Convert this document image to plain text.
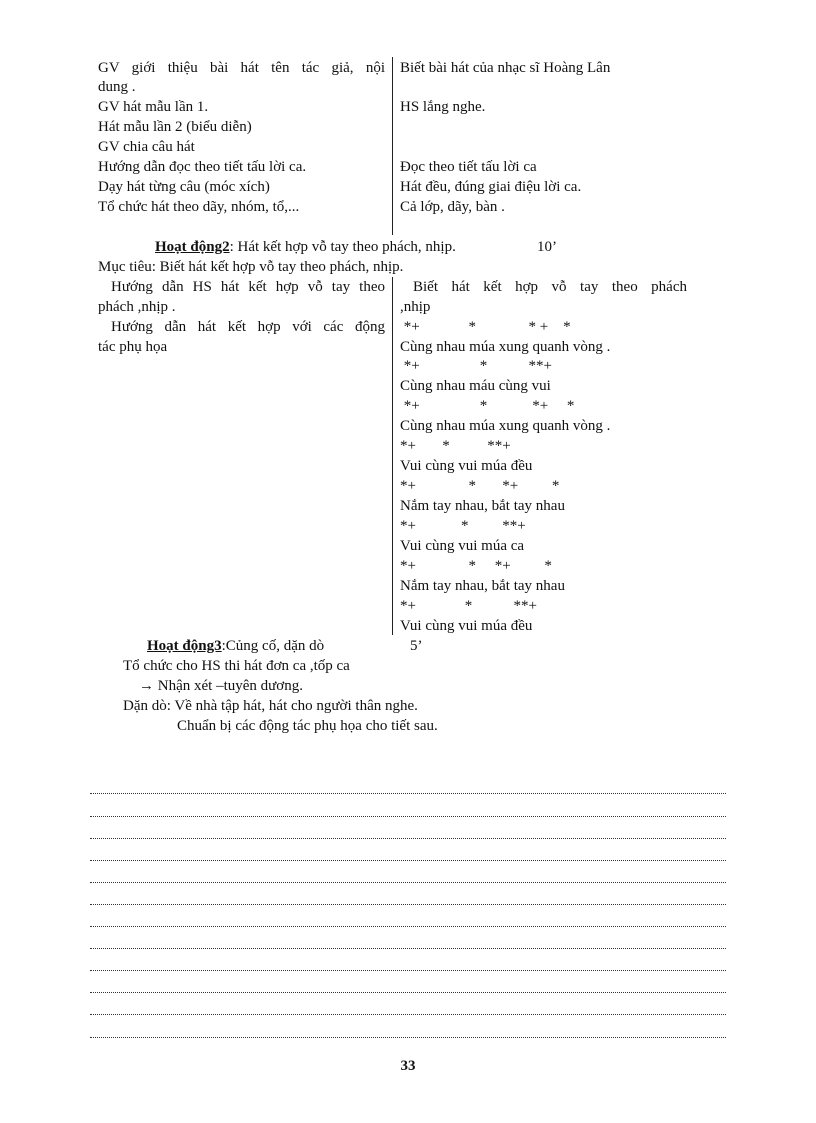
GV giới thiệu bài hát tên tác giả, nội
dung .
GV hát mẫu lần 1.
Hát mẫu lần 2 (biểu diễn)
GV chia câu hát
Hướng dẫn đọc theo tiết tấu lời ca.
Dạy hát từng câu (móc xích)
Tổ chức hát theo dãy, nhóm, tổ,...
Biết bài hát của nhạc sĩ Hoàng Lân
HS lắng nghe.
Đọc theo tiết tấu lời ca
Hát đều, đúng giai điệu lời ca.
Cả lớp, dãy, bàn .
Hoạt động2: Hát kết hợp vỗ tay theo phách, nhịp.	10’
Mục tiêu: Biết hát kết hợp vỗ tay theo phách, nhịp.
Hướng dẫn HS hát kết hợp vỗ tay theo
phách ,nhịp .
Hướng dẫn hát kết hợp với các động
tác phụ họa
Biết hát kết hợp vỗ tay theo phách
,nhịp
*+             *              * +    *
Cùng nhau múa xung quanh vòng .
*+                *           **+
Cùng nhau máu cùng vui
*+                *            *+     *
Cùng nhau múa xung quanh vòng .
*+       *          **+
Vui cùng vui múa đều
*+              *       *+         *
Nắm tay nhau, bắt tay nhau
*+            *         **+
Vui cùng vui múa ca
*+              *     *+         *
Nắm tay nhau, bắt tay nhau
*+             *           **+
Vui cùng vui múa đều
Hoạt động3:Củng cố, dặn dò	5’
Tổ chức cho HS thi hát đơn ca ,tốp ca
→ Nhận xét –tuyên dương.
Dặn dò: Về nhà tập hát, hát cho người thân nghe.
Chuẩn bị các động tác phụ họa cho tiết sau.
33
